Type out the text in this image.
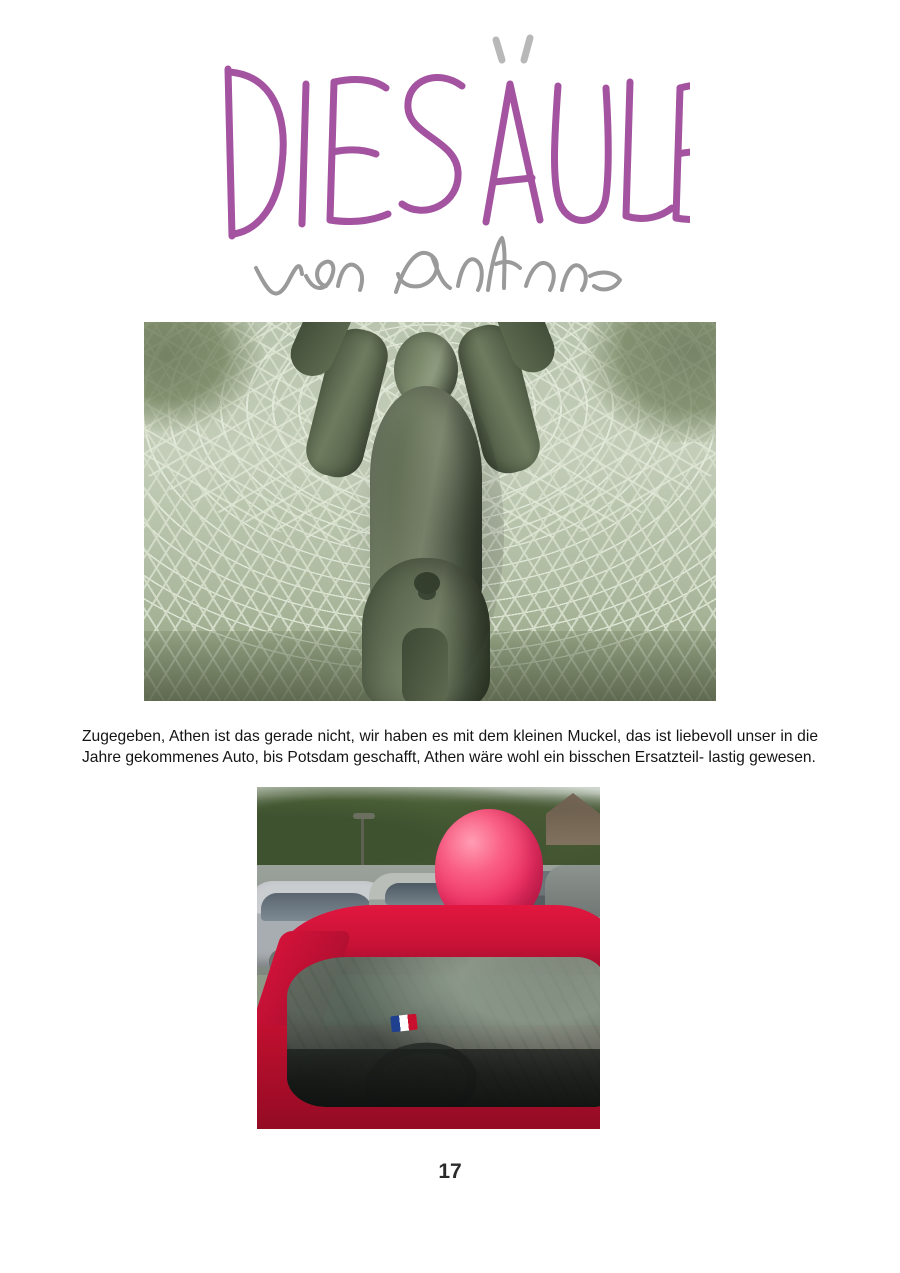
Zugegeben, Athen ist das gerade nicht, wir haben es mit dem kleinen Muckel, das ist liebevoll unser in die Jahre gekommenes Auto, bis Potsdam geschafft, Athen wäre wohl ein bisschen Ersatzteil- lastig gewesen.

17
